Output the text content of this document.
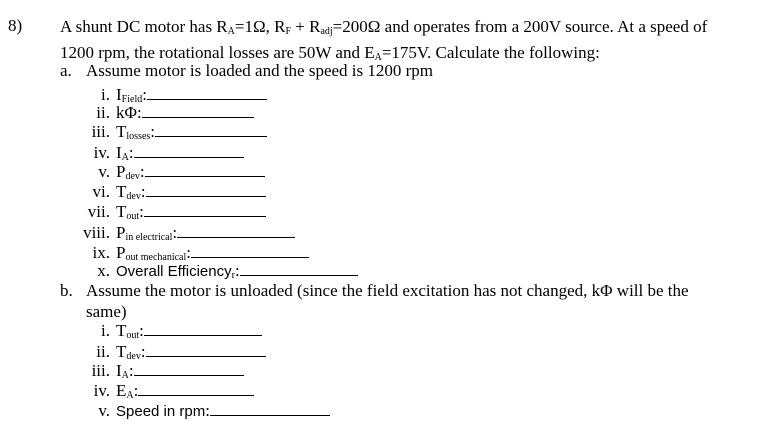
8) A shunt DC motor has $R_A=1\Omega$, $R_F + R_{adj}=200\Omega$ and operates from a 200V source. At a speed of
1200 rpm, the rotational losses are 50W and $E_A=175V$. Calculate the following:
a. Assume motor is loaded and the speed is 1200 rpm
i. $I_{Field}$:
ii. kΦ:
iii. $T_{losses}$:
iv. $I_A$:
v. $P_{dev}$:
vi. $T_{dev}$:
vii. $T_{out}$:
viii. $P_{in electrical}$:
ix. $P_{out mechanical}$:
x. Overall Efficiency$_r$:
b. Assume the motor is unloaded (since the field excitation has not changed, kΦ will be the
same)
i. $T_{out}$:
ii. $T_{dev}$:
iii. $I_A$:
iv. $E_A$:
v. Speed in rpm:
